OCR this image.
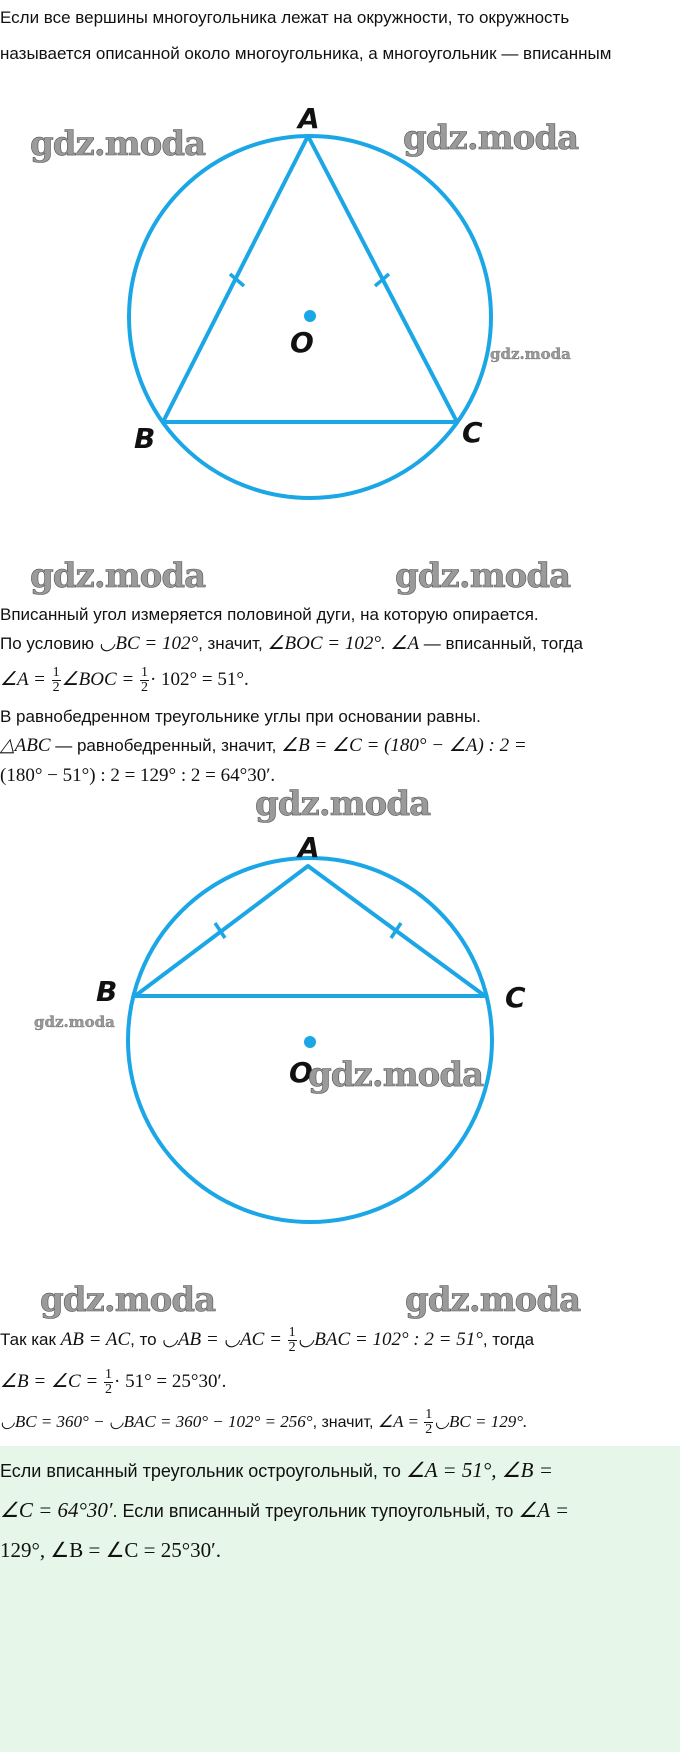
Если все вершины многоугольника лежат на окружности, то окружность
называется описанной около многоугольника, а многоугольник — вписанным
A
B	C
O
gdz.moda	gdz.moda
gdz.moda
gdz.moda	gdz.moda
Вписанный угол измеряется половиной дуги, на которую опирается.
По условию ◡BC = 102°, значит, ∠BOC = 102°. ∠A — вписанный, тогда
∠A = $\frac{1}{2}$ ∠BOC = $\frac{1}{2} \cdot 102^\circ = 51^\circ$.
В равнобедренном треугольнике углы при основании равны.
△ABC — равнобедренный, значит, ∠B = ∠C = (180° − ∠A) : 2 =
(180° − 51°) : 2 = 129° : 2 = 64°30′.
A
B	C
O
gdz.moda
gdz.moda
gdz.moda
gdz.moda	gdz.moda
Так как AB = AC, то ◡AB = ◡AC = $\frac{1}{2}$ ◡BAC = 102° : 2 = 51°, тогда
∠B = ∠C = $\frac{1}{2} \cdot 51^\circ = 25^\circ 30'$.
◡BC = 360° − ◡BAC = 360° − 102° = 256°, значит, ∠A = $\frac{1}{2}$ ◡BC = 129°.
Если вписанный треугольник остроугольный, то ∠A = 51°, ∠B =
∠C = 64°30′. Если вписанный треугольник тупоугольный, то ∠A =
129°, ∠B = ∠C = 25°30′.
